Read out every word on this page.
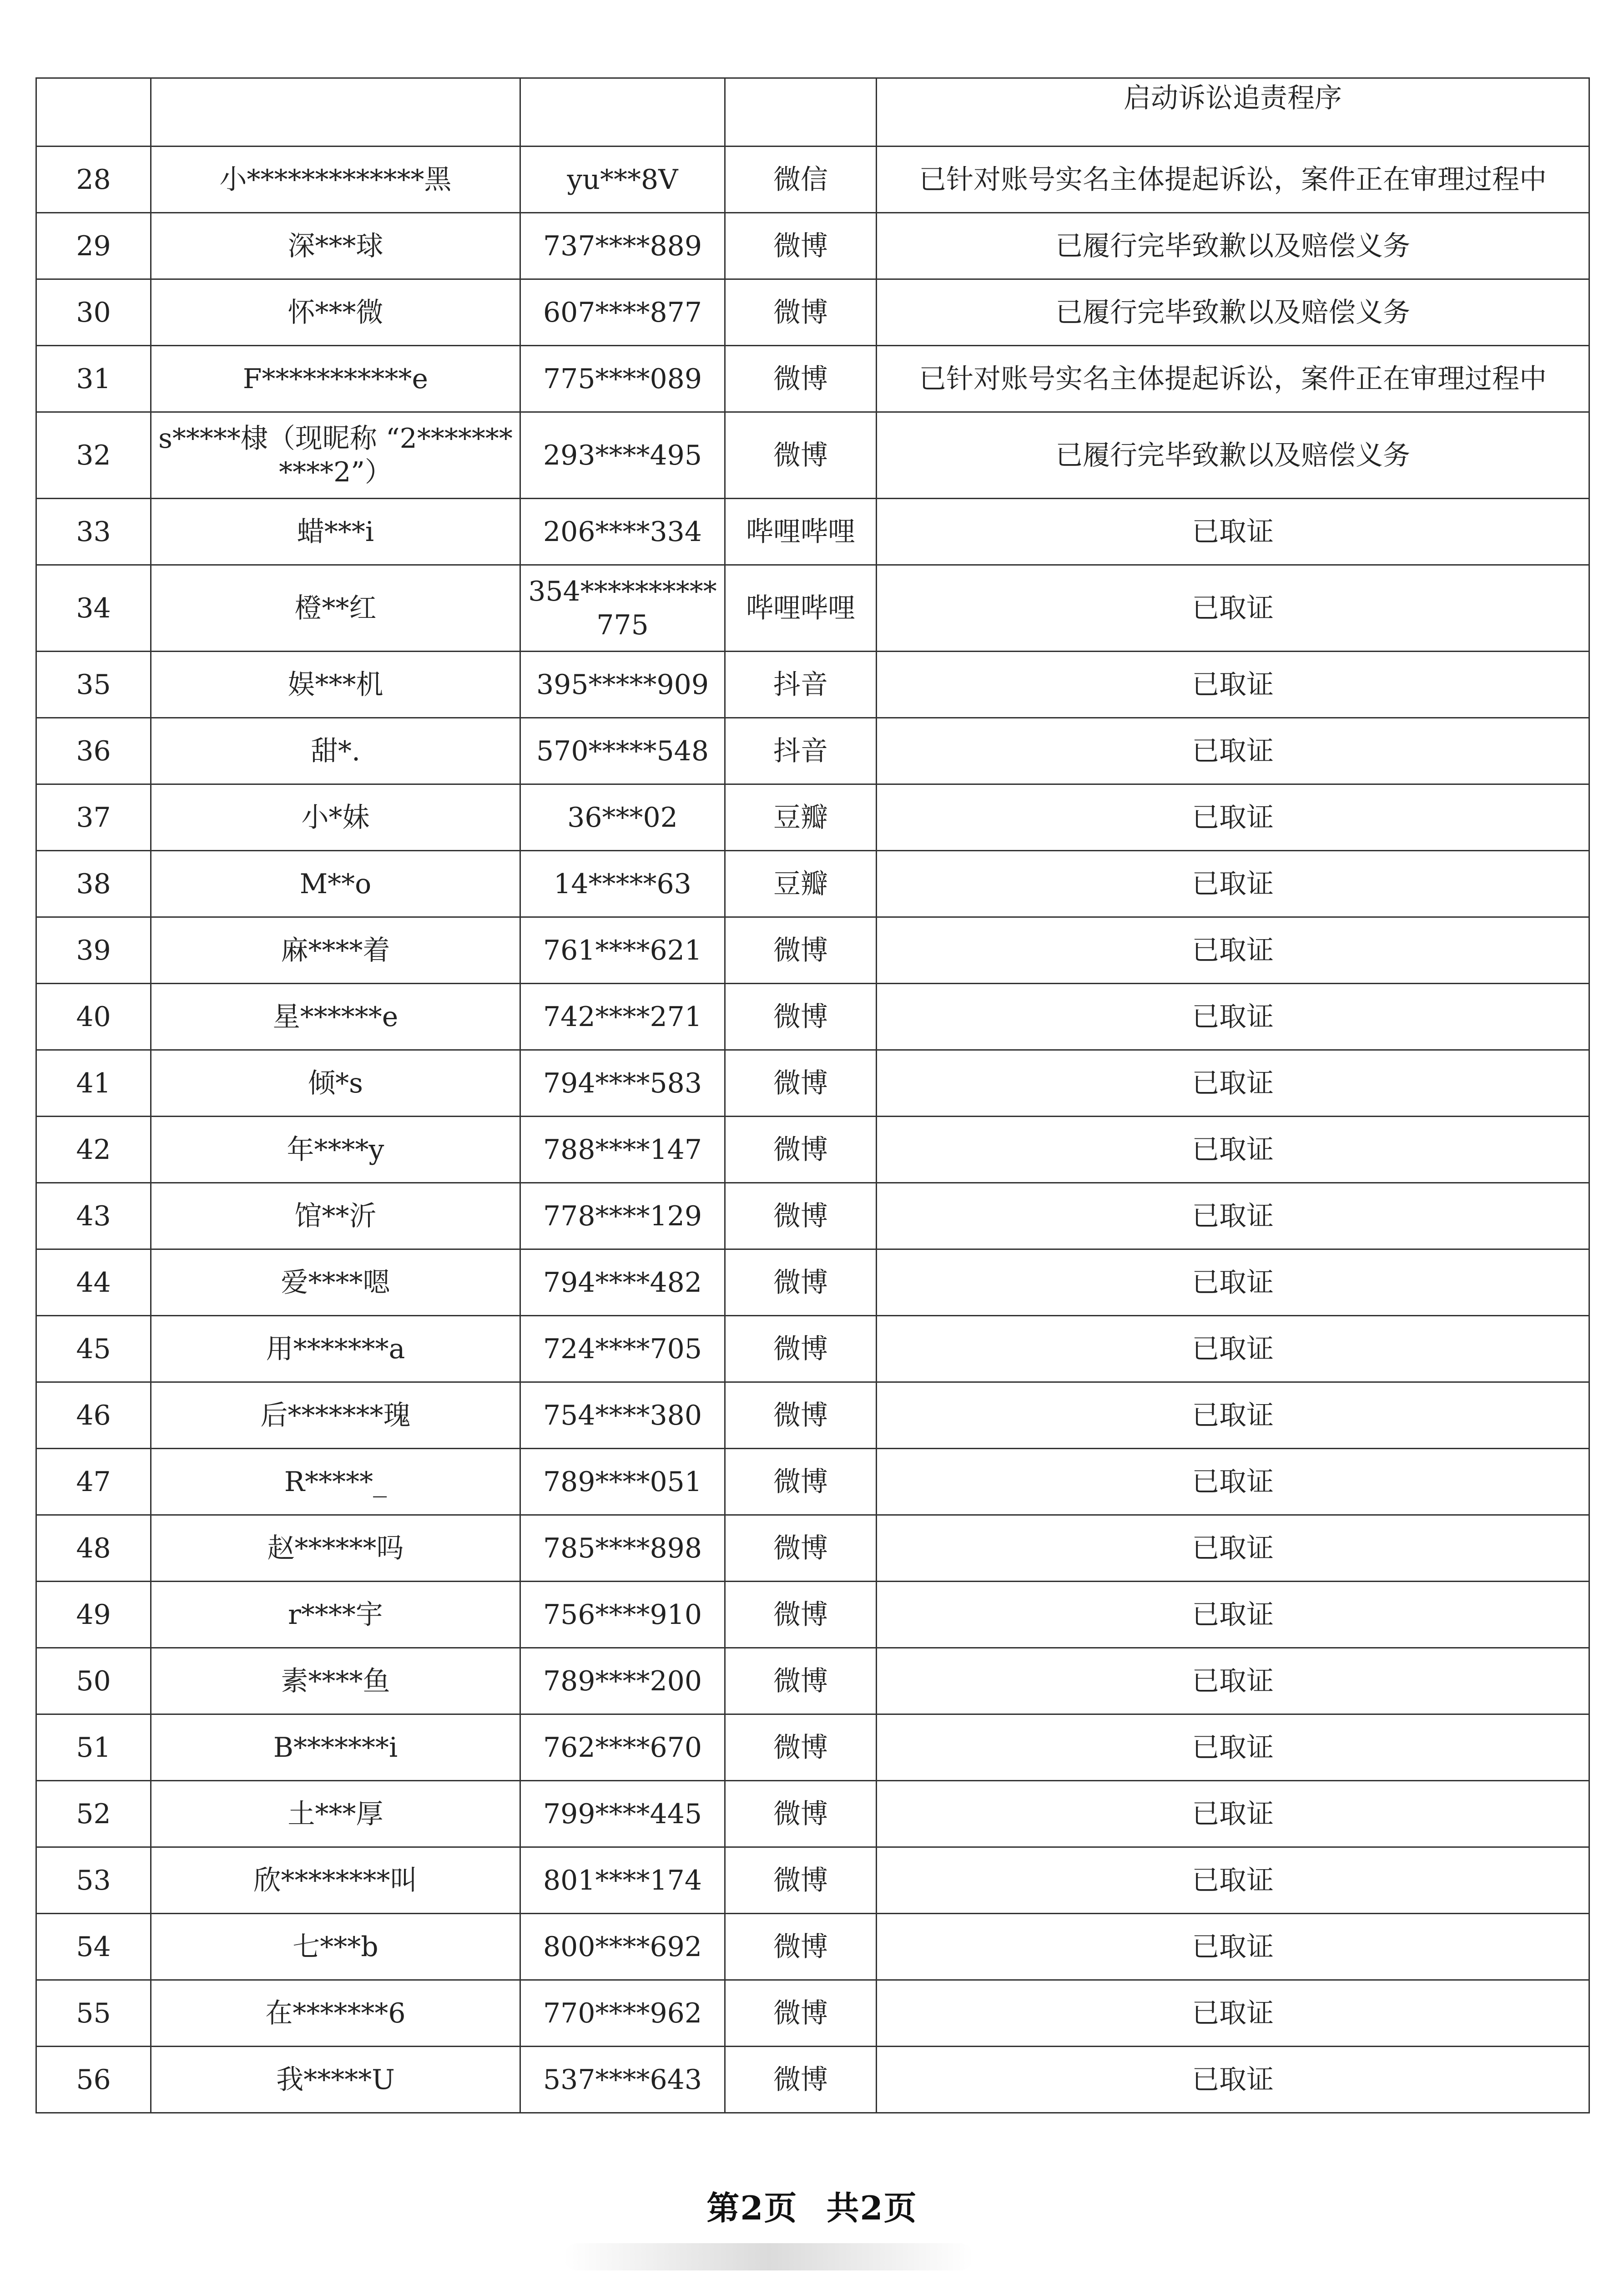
				启动诉讼追责程序
28	小*************黑	yu***8V	微信	已针对账号实名主体提起诉讼，案件正在审理过程中
29	深***球	737****889	微博	已履行完毕致歉以及赔偿义务
30	怀***微	607****877	微博	已履行完毕致歉以及赔偿义务
31	F***********e	775****089	微博	已针对账号实名主体提起诉讼，案件正在审理过程中
32	s*****棣（现昵称 “2***********2”）	293****495	微博	已履行完毕致歉以及赔偿义务
33	蜡***i	206****334	哔哩哔哩	已取证
34	橙**红	354**********775	哔哩哔哩	已取证
35	娱***机	395*****909	抖音	已取证
36	甜*.	570*****548	抖音	已取证
37	小*妹	36***02	豆瓣	已取证
38	M**o	14*****63	豆瓣	已取证
39	麻****着	761****621	微博	已取证
40	星******e	742****271	微博	已取证
41	倾*s	794****583	微博	已取证
42	年****y	788****147	微博	已取证
43	馆**沂	778****129	微博	已取证
44	爱****嗯	794****482	微博	已取证
45	用*******a	724****705	微博	已取证
46	后*******瑰	754****380	微博	已取证
47	R*****_	789****051	微博	已取证
48	赵******吗	785****898	微博	已取证
49	r****宇	756****910	微博	已取证
50	素****鱼	789****200	微博	已取证
51	B*******i	762****670	微博	已取证
52	土***厚	799****445	微博	已取证
53	欣********叫	801****174	微博	已取证
54	七***b	800****692	微博	已取证
55	在*******6	770****962	微博	已取证
56	我*****U	537****643	微博	已取证
第2页 共2页
